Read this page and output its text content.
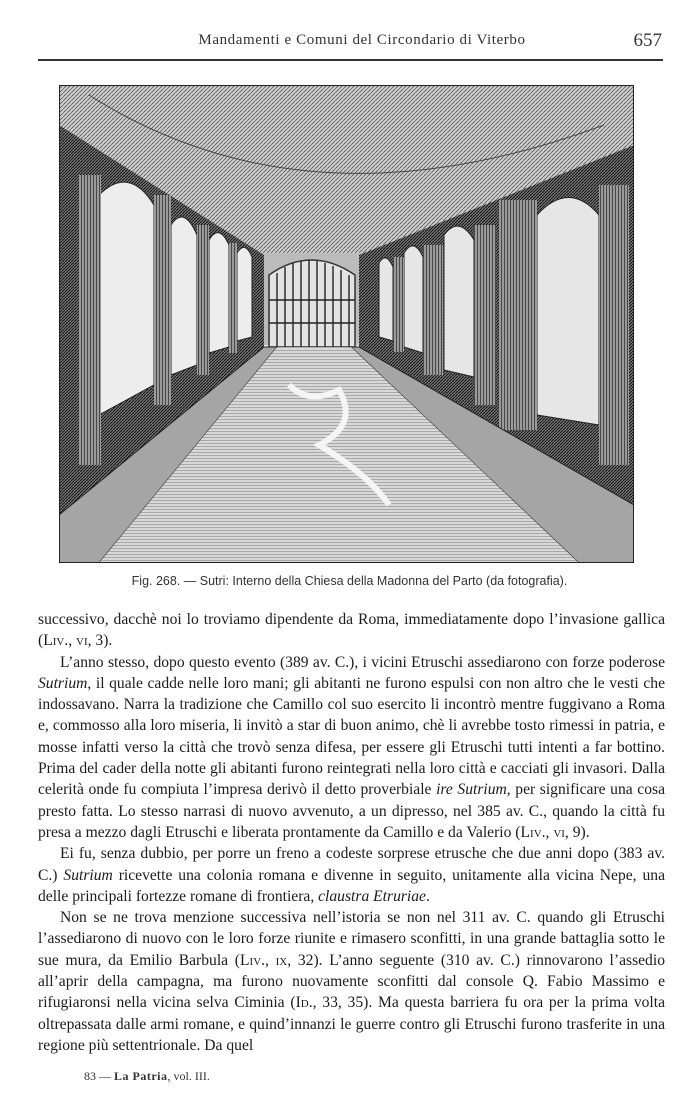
Mandamenti e Comuni del Circondario di Viterbo	657
Fig. 268. — Sutri: Interno della Chiesa della Madonna del Parto (da fotografia).

successivo, dacchè noi lo troviamo dipendente da Roma, immediatamente dopo l’invasione gallica (Liv., vi, 3).

L’anno stesso, dopo questo evento (389 av. C.), i vicini Etruschi assediarono con forze poderose Sutrium, il quale cadde nelle loro mani; gli abitanti ne furono espulsi con non altro che le vesti che indossavano. Narra la tradizione che Camillo col suo esercito li incontrò mentre fuggivano a Roma e, commosso alla loro miseria, li invitò a star di buon animo, chè li avrebbe tosto rimessi in patria, e mosse infatti verso la città che trovò senza difesa, per essere gli Etruschi tutti intenti a far bottino. Prima del cader della notte gli abitanti furono reintegrati nella loro città e cacciati gli invasori. Dalla celerità onde fu compiuta l’impresa derivò il detto proverbiale ire Sutrium, per significare una cosa presto fatta. Lo stesso narrasi di nuovo avvenuto, a un dipresso, nel 385 av. C., quando la città fu presa a mezzo dagli Etruschi e liberata prontamente da Camillo e da Valerio (Liv., vi, 9).

Ei fu, senza dubbio, per porre un freno a codeste sorprese etrusche che due anni dopo (383 av. C.) Sutrium ricevette una colonia romana e divenne in seguito, unitamente alla vicina Nepe, una delle principali fortezze romane di frontiera, claustra Etruriae.

Non se ne trova menzione successiva nell’istoria se non nel 311 av. C. quando gli Etruschi l’assediarono di nuovo con le loro forze riunite e rimasero sconfitti, in una grande battaglia sotto le sue mura, da Emilio Barbula (Liv., ix, 32). L’anno seguente (310 av. C.) rinnovarono l’assedio all’aprir della campagna, ma furono nuovamente sconfitti dal console Q. Fabio Massimo e rifugiaronsi nella vicina selva Ciminia (Id., 33, 35). Ma questa barriera fu ora per la prima volta oltrepassata dalle armi romane, e quind’innanzi le guerre contro gli Etruschi furono trasferite in una regione più settentrionale. Da quel

83 — La Patria, vol. III.
